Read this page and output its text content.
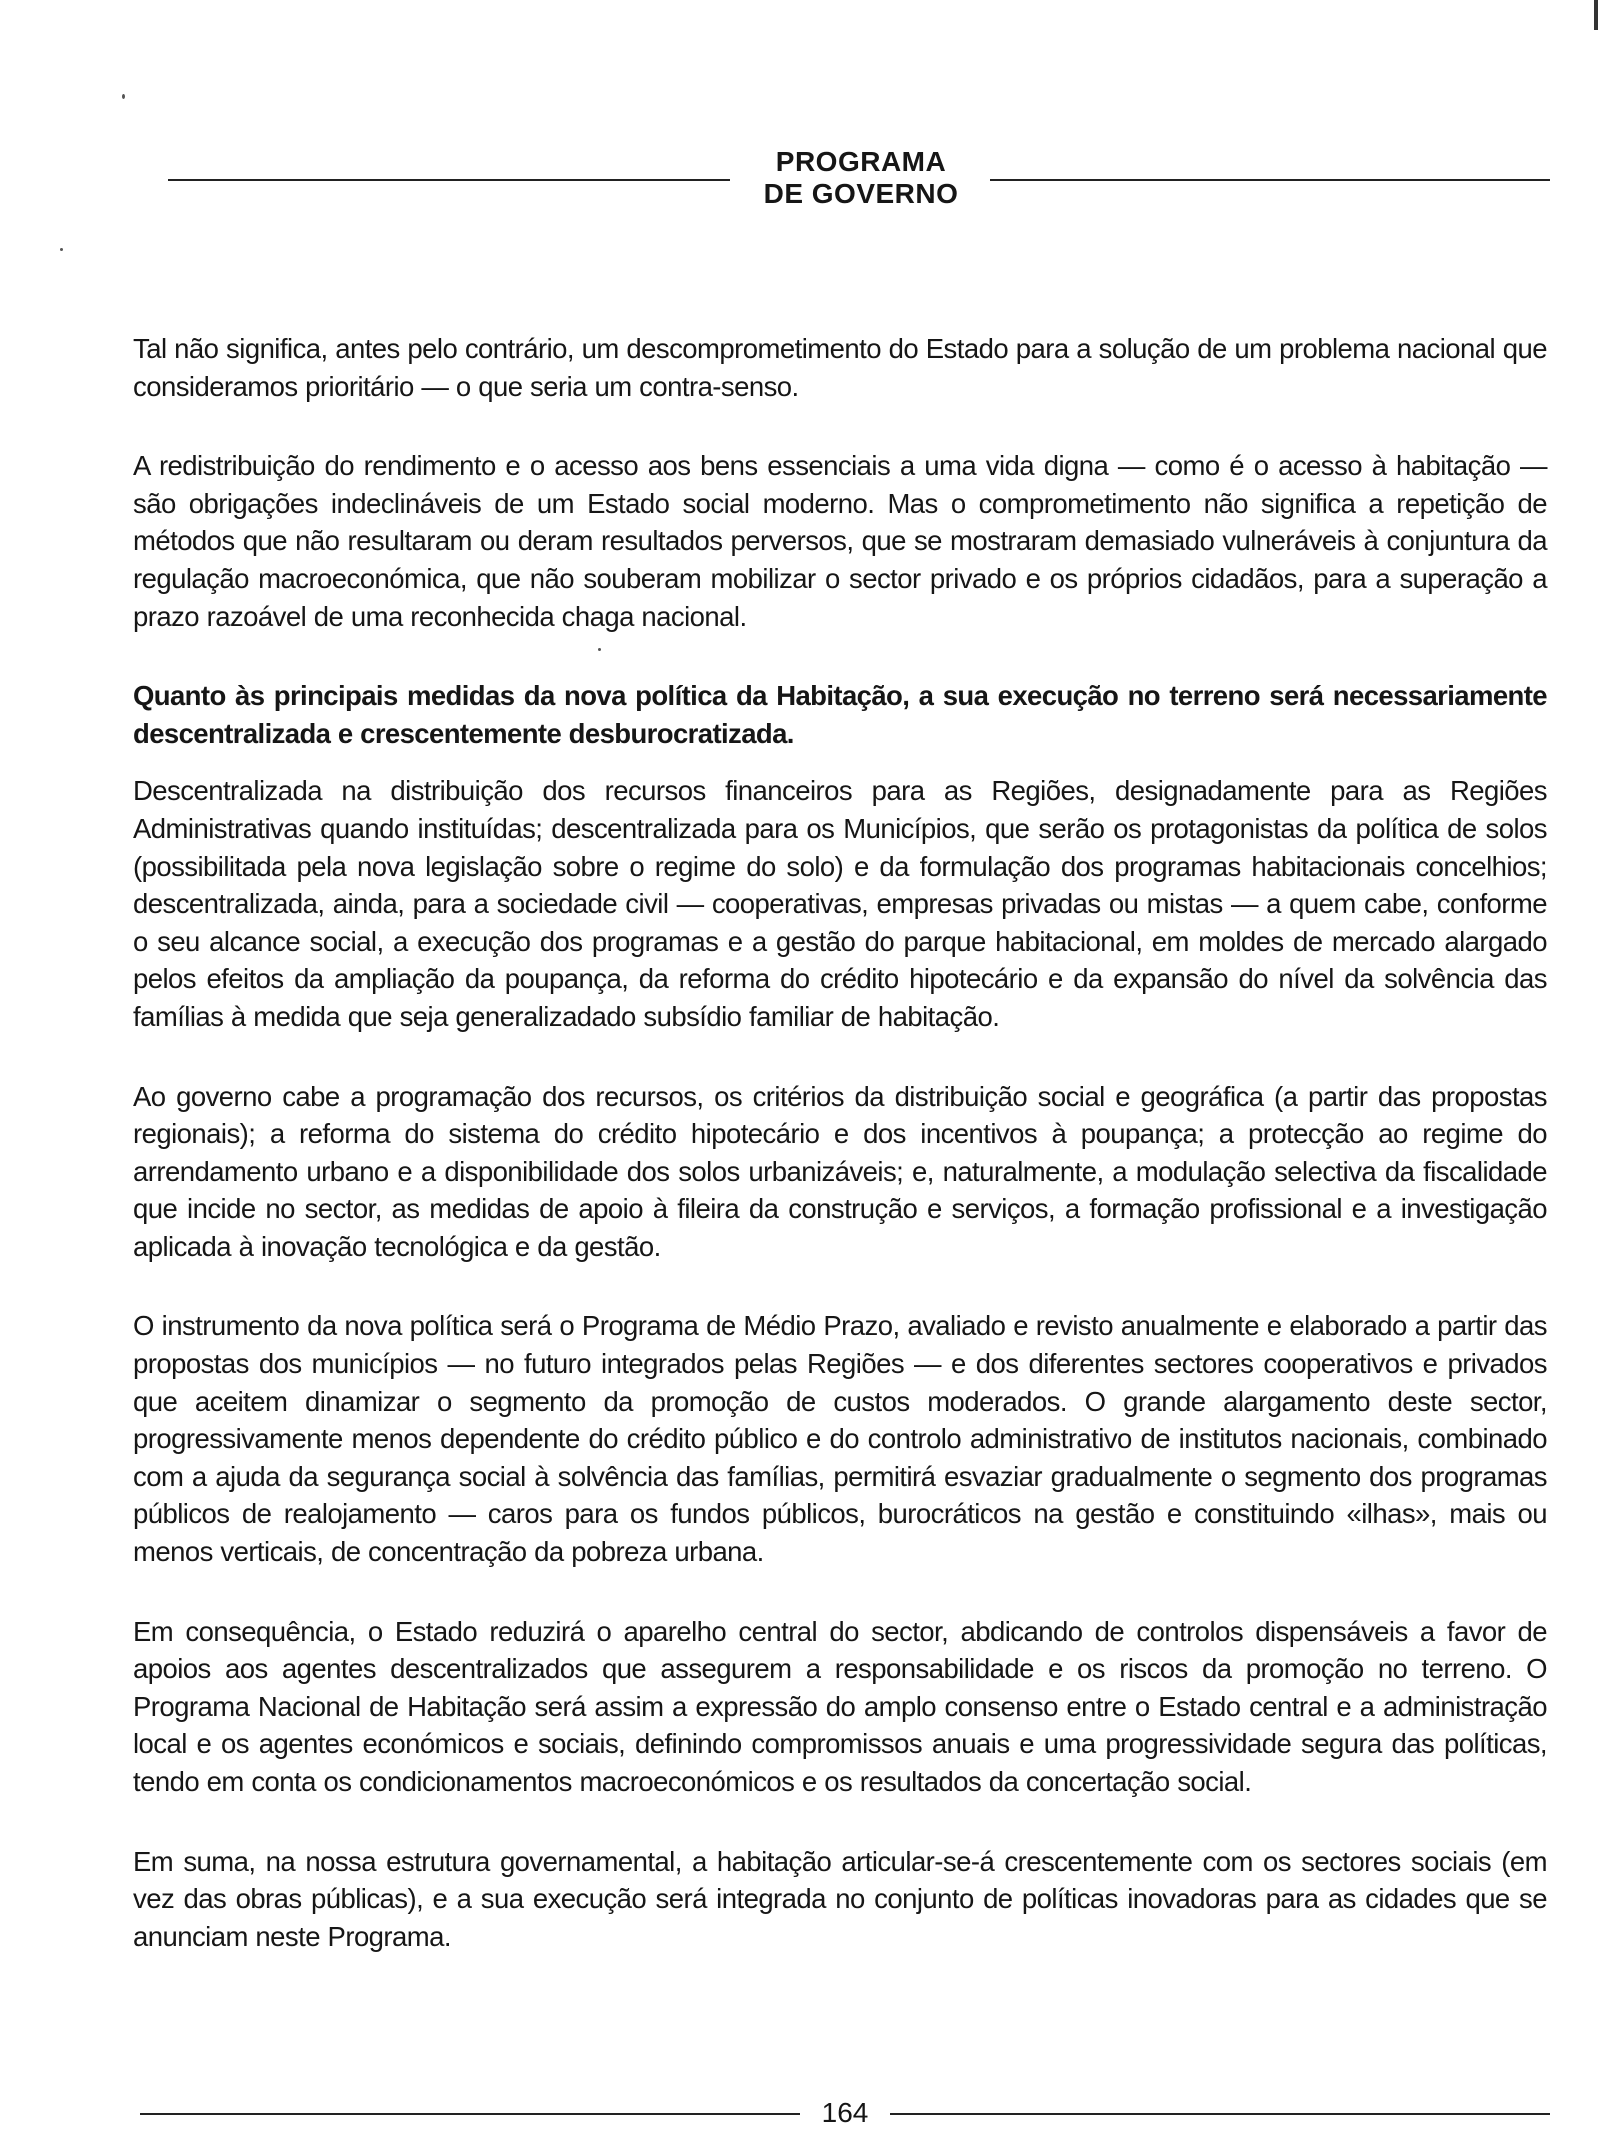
PROGRAMA
DE GOVERNO

Tal não significa, antes pelo contrário, um descomprometimento do Estado para a solução de um problema nacional que consideramos prioritário — o que seria um contra-senso.

A redistribuição do rendimento e o acesso aos bens essenciais a uma vida digna — como é o acesso à habitação — são obrigações indeclináveis de um Estado social moderno. Mas o comprometimento não significa a repetição de métodos que não resultaram ou deram resultados perversos, que se mostraram demasiado vulneráveis à conjuntura da regulação macroeconómica, que não souberam mobilizar o sector privado e os próprios cidadãos, para a superação a prazo razoável de uma reconhecida chaga nacional.

Quanto às principais medidas da nova política da Habitação, a sua execução no terreno será necessariamente descentralizada e crescentemente desburocratizada.

Descentralizada na distribuição dos recursos financeiros para as Regiões, designadamente para as Regiões Administrativas quando instituídas; descentralizada para os Municípios, que serão os protagonistas da política de solos (possibilitada pela nova legislação sobre o regime do solo) e da formulação dos programas habitacionais concelhios; descentralizada, ainda, para a sociedade civil — cooperativas, empresas privadas ou mistas — a quem cabe, conforme o seu alcance social, a execução dos programas e a gestão do parque habitacional, em moldes de mercado alargado pelos efeitos da ampliação da poupança, da reforma do crédito hipotecário e da expansão do nível da solvência das famílias à medida que seja generalizadado subsídio familiar de habitação.

Ao governo cabe a programação dos recursos, os critérios da distribuição social e geográfica (a partir das propostas regionais); a reforma do sistema do crédito hipotecário e dos incentivos à poupança; a protecção ao regime do arrendamento urbano e a disponibilidade dos solos urbanizáveis; e, naturalmente, a modulação selectiva da fiscalidade que incide no sector, as medidas de apoio à fileira da construção e serviços, a formação profissional e a investigação aplicada à inovação tecnológica e da gestão.

O instrumento da nova política será o Programa de Médio Prazo, avaliado e revisto anualmente e elaborado a partir das propostas dos municípios — no futuro integrados pelas Regiões — e dos diferentes sectores cooperativos e privados que aceitem dinamizar o segmento da promoção de custos moderados. O grande alargamento deste sector, progressivamente menos dependente do crédito público e do controlo administrativo de institutos nacionais, combinado com a ajuda da segurança social à solvência das famílias, permitirá esvaziar gradualmente o segmento dos programas públicos de realojamento — caros para os fundos públicos, burocráticos na gestão e constituindo «ilhas», mais ou menos verticais, de concentração da pobreza urbana.

Em consequência, o Estado reduzirá o aparelho central do sector, abdicando de controlos dispensáveis a favor de apoios aos agentes descentralizados que assegurem a responsabilidade e os riscos da promoção no terreno. O Programa Nacional de Habitação será assim a expressão do amplo consenso entre o Estado central e a administração local e os agentes económicos e sociais, definindo compromissos anuais e uma progressividade segura das políticas, tendo em conta os condicionamentos macroeconómicos e os resultados da concertação social.

Em suma, na nossa estrutura governamental, a habitação articular-se-á crescentemente com os sectores sociais (em vez das obras públicas), e a sua execução será integrada no conjunto de políticas inovadoras para as cidades que se anunciam neste Programa.

164
